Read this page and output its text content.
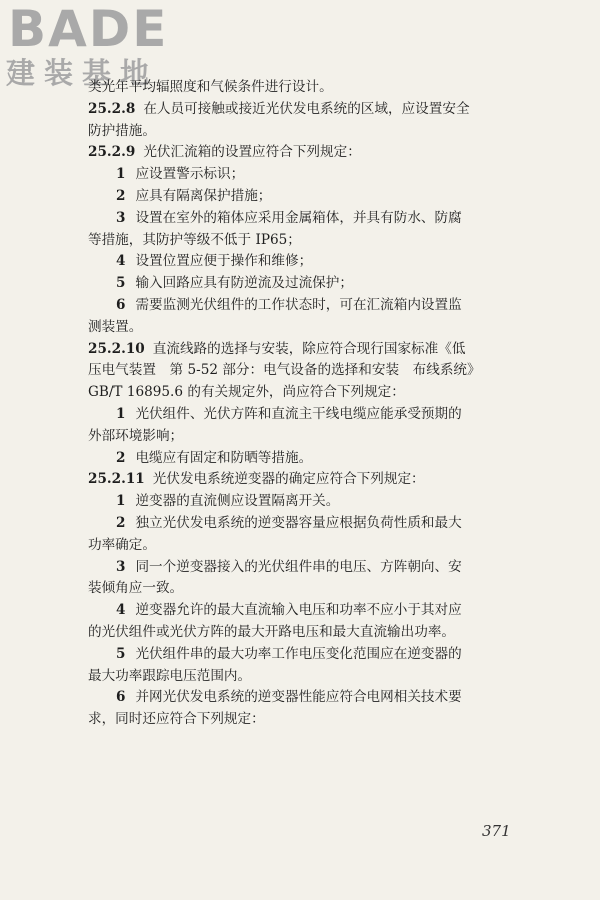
BADE
建装基地
类光年平均辐照度和气候条件进行设计。
25.2.8 在人员可接触或接近光伏发电系统的区域，应设置安全
防护措施。
25.2.9 光伏汇流箱的设置应符合下列规定：
1 应设置警示标识；
2 应具有隔离保护措施；
3 设置在室外的箱体应采用金属箱体，并具有防水、防腐
等措施，其防护等级不低于 IP65；
4 设置位置应便于操作和维修；
5 输入回路应具有防逆流及过流保护；
6 需要监测光伏组件的工作状态时，可在汇流箱内设置监
测装置。
25.2.10 直流线路的选择与安装，除应符合现行国家标准《低
压电气装置　第 5-52 部分：电气设备的选择和安装　布线系统》
GB/T 16895.6 的有关规定外，尚应符合下列规定：
1 光伏组件、光伏方阵和直流主干线电缆应能承受预期的
外部环境影响；
2 电缆应有固定和防晒等措施。
25.2.11 光伏发电系统逆变器的确定应符合下列规定：
1 逆变器的直流侧应设置隔离开关。
2 独立光伏发电系统的逆变器容量应根据负荷性质和最大
功率确定。
3 同一个逆变器接入的光伏组件串的电压、方阵朝向、安
装倾角应一致。
4 逆变器允许的最大直流输入电压和功率不应小于其对应
的光伏组件或光伏方阵的最大开路电压和最大直流输出功率。
5 光伏组件串的最大功率工作电压变化范围应在逆变器的
最大功率跟踪电压范围内。
6 并网光伏发电系统的逆变器性能应符合电网相关技术要
求，同时还应符合下列规定：
371
